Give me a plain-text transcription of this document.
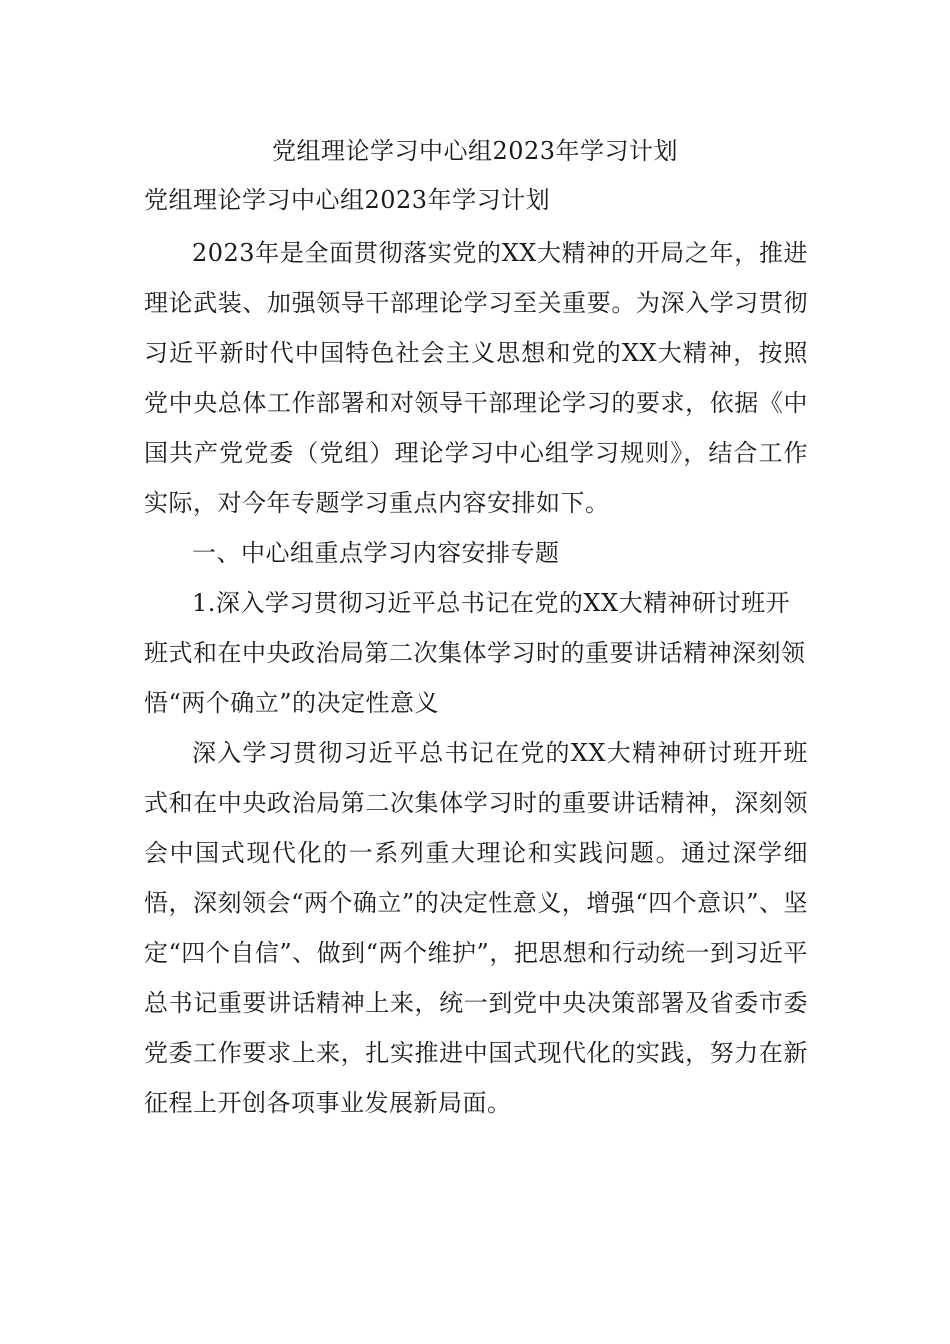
党组理论学习中心组2023年学习计划
党组理论学习中心组2023年学习计划

2023年是全面贯彻落实党的XX大精神的开局之年，推进理论武装、加强领导干部理论学习至关重要。为深入学习贯彻习近平新时代中国特色社会主义思想和党的XX大精神，按照党中央总体工作部署和对领导干部理论学习的要求，依据《中国共产党党委（党组）理论学习中心组学习规则》，结合工作实际，对今年专题学习重点内容安排如下。

一、中心组重点学习内容安排专题

1.深入学习贯彻习近平总书记在党的XX大精神研讨班开班式和在中央政治局第二次集体学习时的重要讲话精神深刻领悟“两个确立”的决定性意义

深入学习贯彻习近平总书记在党的XX大精神研讨班开班式和在中央政治局第二次集体学习时的重要讲话精神，深刻领会中国式现代化的一系列重大理论和实践问题。通过深学细悟，深刻领会“两个确立”的决定性意义，增强“四个意识”、坚定“四个自信”、做到“两个维护”，把思想和行动统一到习近平总书记重要讲话精神上来，统一到党中央决策部署及省委市委党委工作要求上来，扎实推进中国式现代化的实践，努力在新征程上开创各项事业发展新局面。
